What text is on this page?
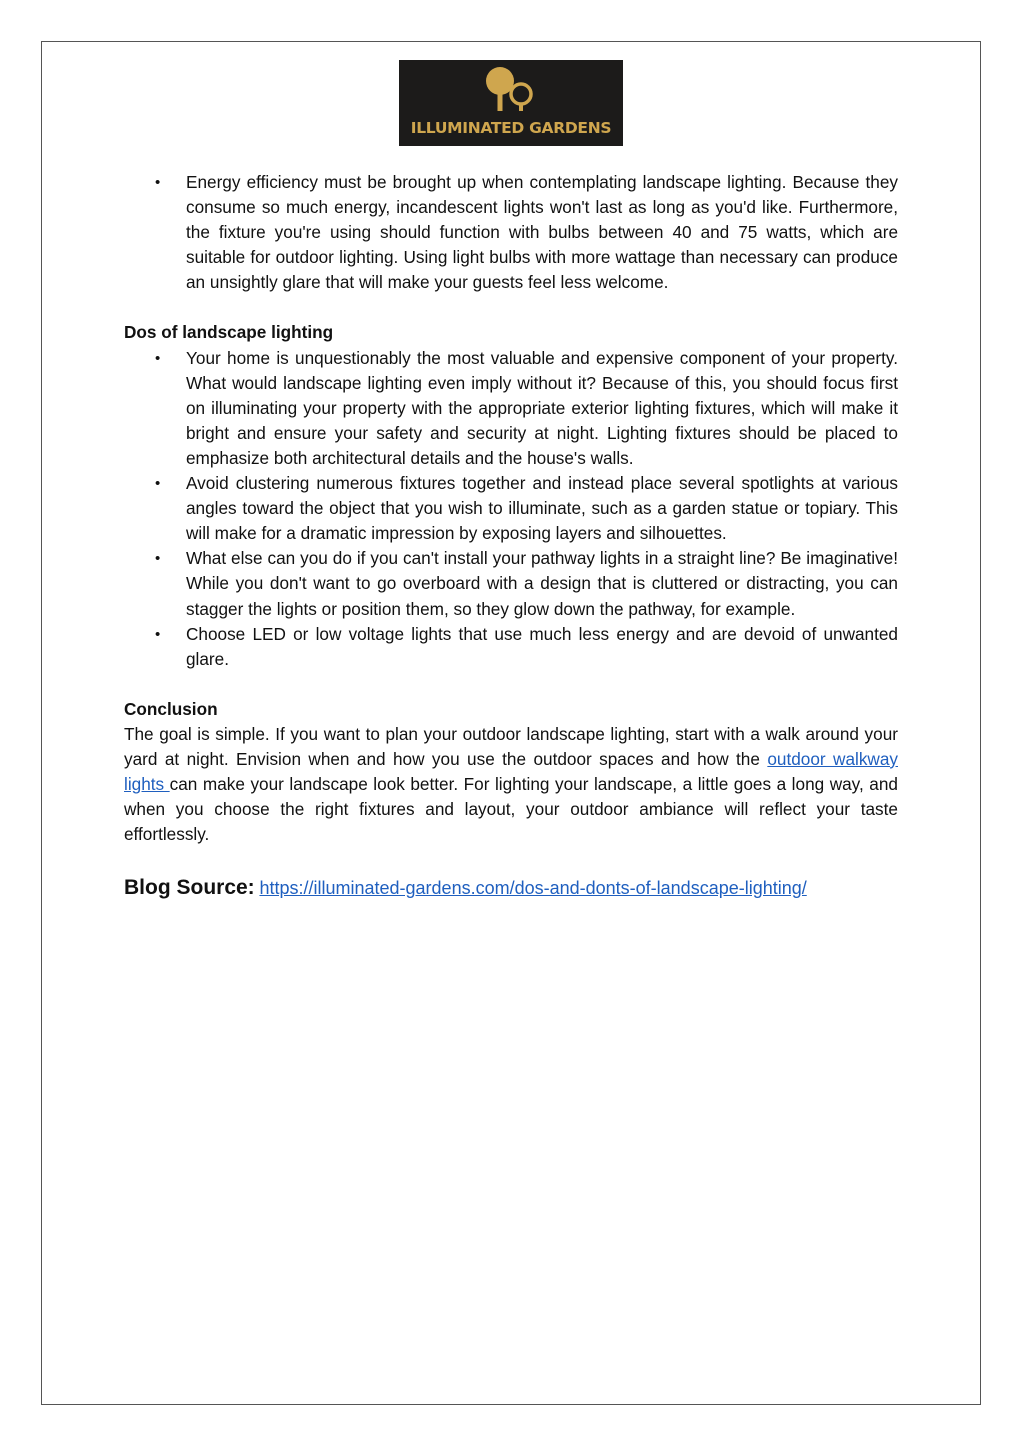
ILLUMINATED GARDENS
• Energy efficiency must be brought up when contemplating landscape lighting. Because they consume so much energy, incandescent lights won't last as long as you'd like. Furthermore, the fixture you're using should function with bulbs between 40 and 75 watts, which are suitable for outdoor lighting. Using light bulbs with more wattage than necessary can produce an unsightly glare that will make your guests feel less welcome.
Dos of landscape lighting
• Your home is unquestionably the most valuable and expensive component of your property. What would landscape lighting even imply without it? Because of this, you should focus first on illuminating your property with the appropriate exterior lighting fixtures, which will make it bright and ensure your safety and security at night. Lighting fixtures should be placed to emphasize both architectural details and the house's walls.
• Avoid clustering numerous fixtures together and instead place several spotlights at various angles toward the object that you wish to illuminate, such as a garden statue or topiary. This will make for a dramatic impression by exposing layers and silhouettes.
• What else can you do if you can't install your pathway lights in a straight line? Be imaginative! While you don't want to go overboard with a design that is cluttered or distracting, you can stagger the lights or position them, so they glow down the pathway, for example.
• Choose LED or low voltage lights that use much less energy and are devoid of unwanted glare.
Conclusion

The goal is simple. If you want to plan your outdoor landscape lighting, start with a walk around your yard at night. Envision when and how you use the outdoor spaces and how the outdoor walkway lights can make your landscape look better. For lighting your landscape, a little goes a long way, and when you choose the right fixtures and layout, your outdoor ambiance will reflect your taste effortlessly.

Blog Source: https://illuminated-gardens.com/dos-and-donts-of-landscape-lighting/
